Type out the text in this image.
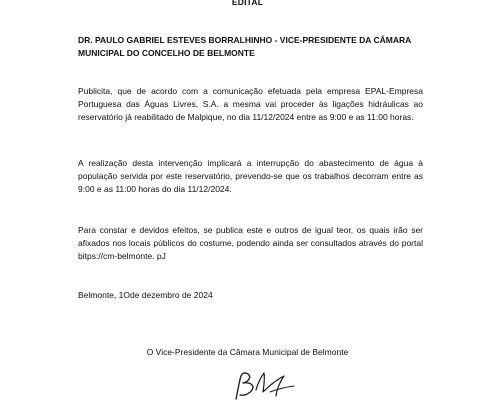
EDITAL

DR. PAULO GABRIEL ESTEVES BORRALHINHO - VICE-PRESIDENTE DA CÂMARA MUNICIPAL DO CONCELHO DE BELMONTE

Publicita, que de acordo com a comunicação efetuada pela empresa EPAL-Empresa Portuguesa das Águas Livres, S.A. a mesma vai proceder às ligações hidráulicas ao reservatório já reabilitado de Malpique, no dia 11/12/2024 entre as 9:00 e as 11:00 horas.

A realização desta intervenção implicará a interrupção do abastecimento de água à população servida por este reservatório, prevendo-se que os trabalhos decorram entre as 9:00 e as 11:00 horas do dia 11/12/2024.

Para constar e devidos efeitos, se publica este e outros de igual teor, os quais irão ser afixados nos locais públicos do costume, podendo ainda ser consultados através do portal bitps://cm-belmonte. pJ

Belmonte, 1Ode dezembro de 2024

O Vice-Presidente da Câmara Municipal de Belmonte
